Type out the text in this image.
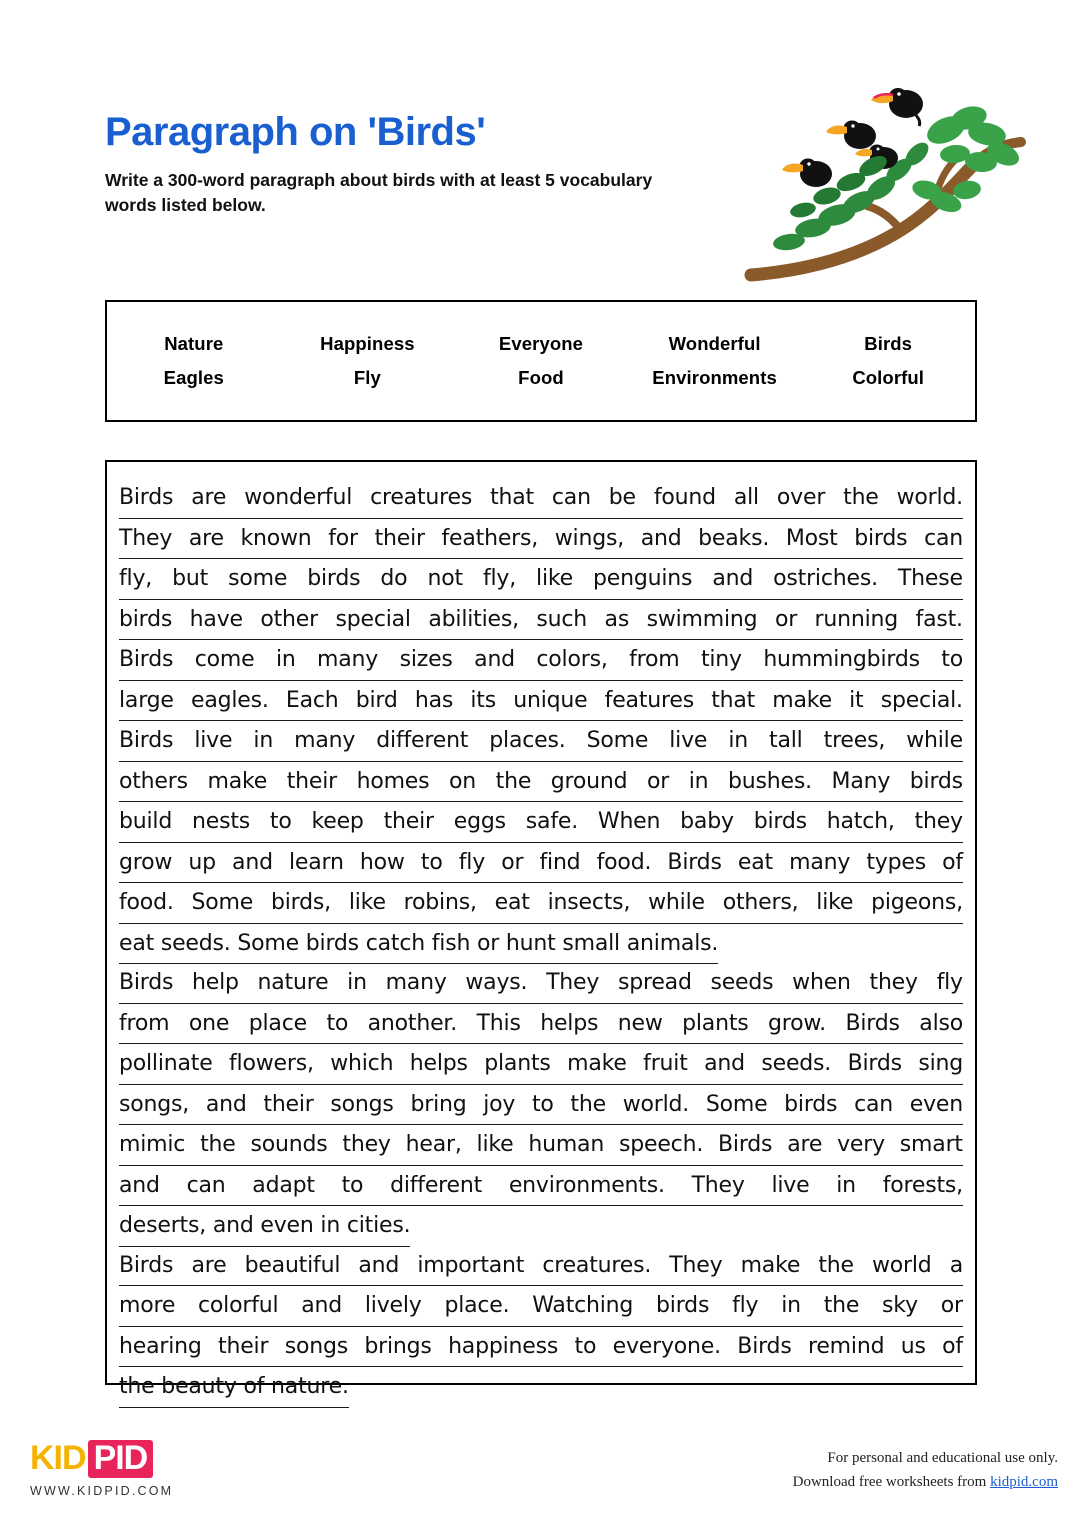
Paragraph on 'Birds'

Write a 300-word paragraph about birds with at least 5 vocabulary words listed below.

Nature	Happiness	Everyone	Wonderful	Birds
Eagles	Fly	Food	Environments	Colorful
Birds are wonderful creatures that can be found all over the world.
They are known for their feathers, wings, and beaks. Most birds can
fly, but some birds do not fly, like penguins and ostriches. These
birds have other special abilities, such as swimming or running fast.
Birds come in many sizes and colors, from tiny hummingbirds to
large eagles. Each bird has its unique features that make it special.
Birds live in many different places. Some live in tall trees, while
others make their homes on the ground or in bushes. Many birds
build nests to keep their eggs safe. When baby birds hatch, they
grow up and learn how to fly or find food. Birds eat many types of
food. Some birds, like robins, eat insects, while others, like pigeons,
eat seeds. Some birds catch fish or hunt small animals.
Birds help nature in many ways. They spread seeds when they fly
from one place to another. This helps new plants grow. Birds also
pollinate flowers, which helps plants make fruit and seeds. Birds sing
songs, and their songs bring joy to the world. Some birds can even
mimic the sounds they hear, like human speech. Birds are very smart
and can adapt to different environments. They live in forests,
deserts, and even in cities.
Birds are beautiful and important creatures. They make the world a
more colorful and lively place. Watching birds fly in the sky or
hearing their songs brings happiness to everyone. Birds remind us of
the beauty of nature.
KID PID
WWW.KIDPID.COM
For personal and educational use only.
Download free worksheets from kidpid.com
